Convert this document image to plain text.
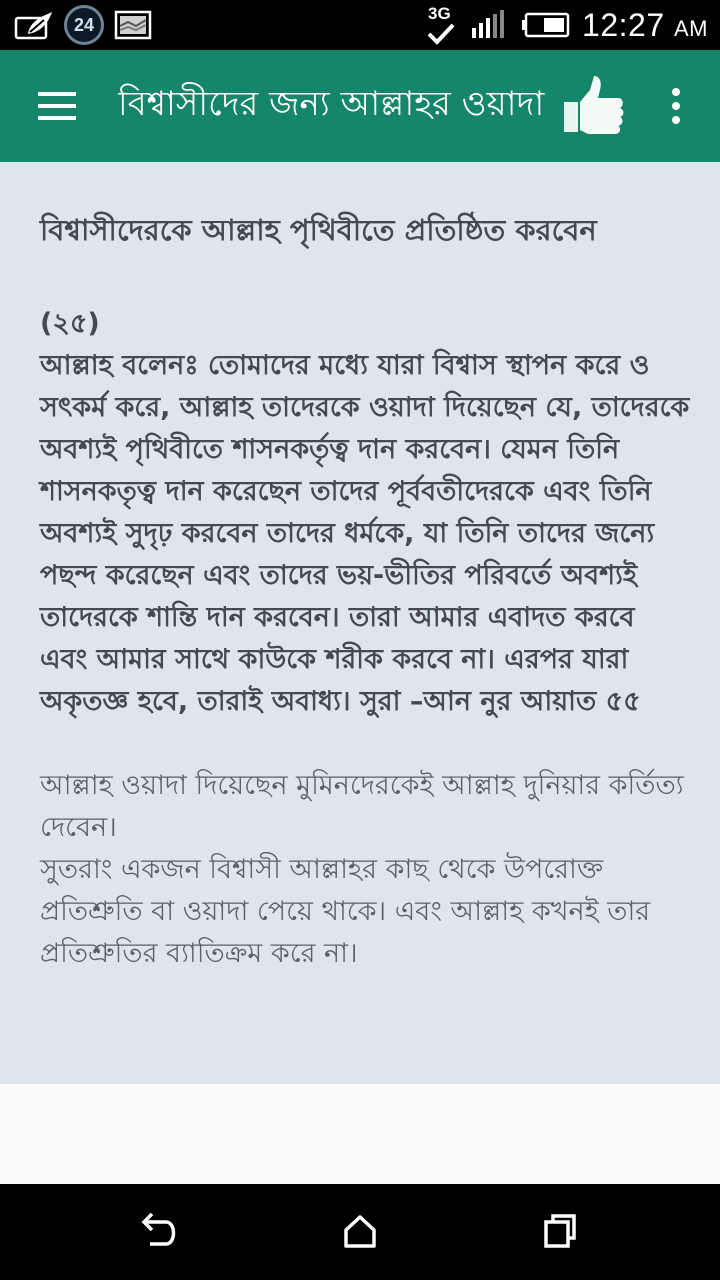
24
3G	12:27 AM
বিশ্বাসীদের জন্য আল্লাহর ওয়াদা
বিশ্বাসীদেরকে আল্লাহ পৃথিবীতে প্রতিষ্ঠিত করবেন
(২৫)
আল্লাহ বলেনঃ তোমাদের মধ্যে যারা বিশ্বাস স্থাপন করে ও সৎকর্ম করে, আল্লাহ তাদেরকে ওয়াদা দিয়েছেন যে, তাদেরকে অবশ্যই পৃথিবীতে শাসনকর্তৃত্ব দান করবেন। যেমন তিনি শাসনকতৃত্ব দান করেছেন তাদের পূর্ববতীদেরকে এবং তিনি অবশ্যই সুদৃঢ় করবেন তাদের ধর্মকে, যা তিনি তাদের জন্যে পছন্দ করেছেন এবং তাদের ভয়-ভীতির পরিবর্তে অবশ্যই তাদেরকে শান্তি দান করবেন। তারা আমার এবাদত করবে এবং আমার সাথে কাউকে শরীক করবে না। এরপর যারা অকৃতজ্ঞ হবে, তারাই অবাধ্য। সুরা –আন নুর আয়াত ৫৫
আল্লাহ ওয়াদা দিয়েছেন মুমিনদেরকেই আল্লাহ দুনিয়ার কর্তিত্য দেবেন।
সুতরাং একজন বিশ্বাসী আল্লাহর কাছ থেকে উপরোক্ত প্রতিশ্রুতি বা ওয়াদা পেয়ে থাকে। এবং আল্লাহ কখনই তার প্রতিশ্রুতির ব্যাতিক্রম করে না।
